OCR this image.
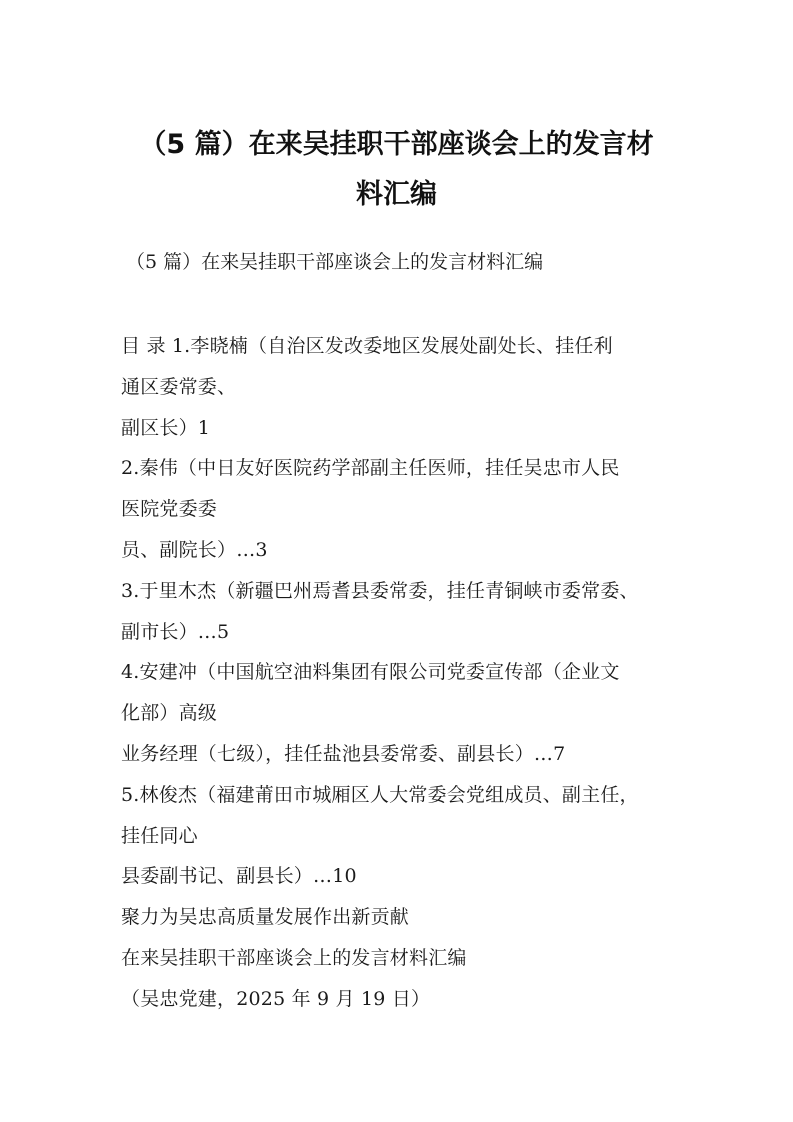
（5 篇）在来吴挂职干部座谈会上的发言材
料汇编
（5 篇）在来吴挂职干部座谈会上的发言材料汇编
目 录 1.李晓楠（自治区发改委地区发展处副处长、挂任利
通区委常委、
副区长）1
2.秦伟（中日友好医院药学部副主任医师，挂任吴忠市人民
医院党委委
员、副院长）…3
3.于里木杰（新疆巴州焉耆县委常委，挂任青铜峡市委常委、
副市长）…5
4.安建冲（中国航空油料集团有限公司党委宣传部（企业文
化部）高级
业务经理（七级），挂任盐池县委常委、副县长）…7
5.林俊杰（福建莆田市城厢区人大常委会党组成员、副主任，
挂任同心
县委副书记、副县长）…10
聚力为吴忠高质量发展作出新贡献
在来吴挂职干部座谈会上的发言材料汇编
（吴忠党建，2025 年 9 月 19 日）
